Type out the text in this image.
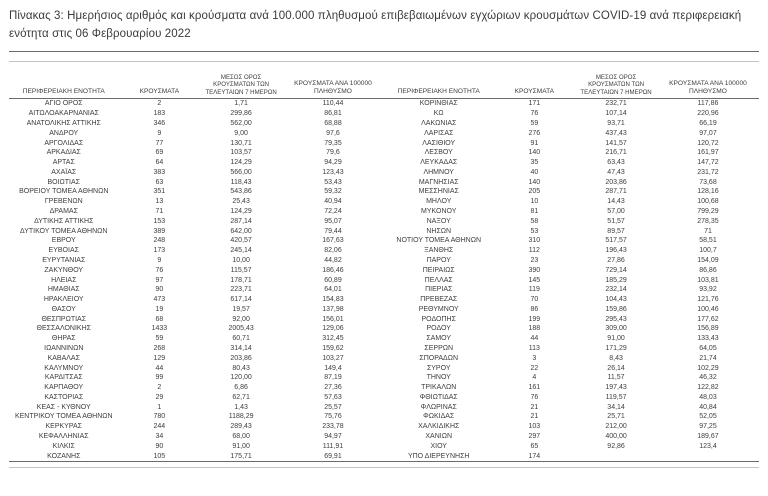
Πίνακας 3: Ημερήσιος αριθμός και κρούσματα ανά 100.000 πληθυσμού επιβεβαιωμένων εγχώριων κρουσμάτων COVID-19 ανά περιφερειακή ενότητα στις 06 Φεβρουαρίου 2022
ΠΕΡΙΦΕΡΕΙΑΚΗ ΕΝΟΤΗΤΑ	ΚΡΟΥΣΜΑΤΑ	ΜΕΣΟΣ ΟΡΟΣ ΚΡΟΥΣΜΑΤΩΝ ΤΩΝ ΤΕΛΕΥΤΑΙΩΝ 7 ΗΜΕΡΩΝ	ΚΡΟΥΣΜΑΤΑ ΑΝΑ 100000 ΠΛΗΘΥΣΜΟ	ΠΕΡΙΦΕΡΕΙΑΚΗ ΕΝΟΤΗΤΑ	ΚΡΟΥΣΜΑΤΑ	ΜΕΣΟΣ ΟΡΟΣ ΚΡΟΥΣΜΑΤΩΝ ΤΩΝ ΤΕΛΕΥΤΑΙΩΝ 7 ΗΜΕΡΩΝ	ΚΡΟΥΣΜΑΤΑ ΑΝΑ 100000 ΠΛΗΘΥΣΜΟ

ΑΓΙΟ ΟΡΟΣ	2	1,71	110,44	ΚΟΡΙΝΘΙΑΣ	171	232,71	117,86
ΑΙΤΩΛΟΑΚΑΡΝΑΝΙΑΣ	183	299,86	86,81	ΚΩ	76	107,14	220,96
ΑΝΑΤΟΛΙΚΗΣ ΑΤΤΙΚΗΣ	346	562,00	68,88	ΛΑΚΩΝΙΑΣ	59	93,71	66,19
ΑΝΔΡΟΥ	9	9,00	97,6	ΛΑΡΙΣΑΣ	276	437,43	97,07
ΑΡΓΟΛΙΔΑΣ	77	130,71	79,35	ΛΑΣΙΘΙΟΥ	91	141,57	120,72
ΑΡΚΑΔΙΑΣ	69	103,57	79,6	ΛΕΣΒΟΥ	140	216,71	161,97
ΑΡΤΑΣ	64	124,29	94,29	ΛΕΥΚΑΔΑΣ	35	63,43	147,72
ΑΧΑΪΑΣ	383	566,00	123,43	ΛΗΜΝΟΥ	40	47,43	231,72
ΒΟΙΩΤΙΑΣ	63	118,43	53,43	ΜΑΓΝΗΣΙΑΣ	140	203,86	73,68
ΒΟΡΕΙΟΥ ΤΟΜΕΑ ΑΘΗΝΩΝ	351	543,86	59,32	ΜΕΣΣΗΝΙΑΣ	205	287,71	128,16
ΓΡΕΒΕΝΩΝ	13	25,43	40,94	ΜΗΛΟΥ	10	14,43	100,68
ΔΡΑΜΑΣ	71	124,29	72,24	ΜΥΚΟΝΟΥ	81	57,00	799,29
ΔΥΤΙΚΗΣ ΑΤΤΙΚΗΣ	153	287,14	95,07	ΝΑΞΟΥ	58	51,57	278,35
ΔΥΤΙΚΟΥ ΤΟΜΕΑ ΑΘΗΝΩΝ	389	642,00	79,44	ΝΗΣΩΝ	53	89,57	71
ΕΒΡΟΥ	248	420,57	167,63	ΝΟΤΙΟΥ ΤΟΜΕΑ ΑΘΗΝΩΝ	310	517,57	58,51
ΕΥΒΟΙΑΣ	173	245,14	82,06	ΞΑΝΘΗΣ	112	196,43	100,7
ΕΥΡΥΤΑΝΙΑΣ	9	10,00	44,82	ΠΑΡΟΥ	23	27,86	154,09
ΖΑΚΥΝΘΟΥ	76	115,57	186,46	ΠΕΙΡΑΙΩΣ	390	729,14	86,86
ΗΛΕΙΑΣ	97	178,71	60,89	ΠΕΛΛΑΣ	145	185,29	103,81
ΗΜΑΘΙΑΣ	90	223,71	64,01	ΠΙΕΡΙΑΣ	119	232,14	93,92
ΗΡΑΚΛΕΙΟΥ	473	617,14	154,83	ΠΡΕΒΕΖΑΣ	70	104,43	121,76
ΘΑΣΟΥ	19	19,57	137,98	ΡΕΘΥΜΝΟΥ	86	159,86	100,46
ΘΕΣΠΡΩΤΙΑΣ	68	92,00	156,01	ΡΟΔΟΠΗΣ	199	295,43	177,62
ΘΕΣΣΑΛΟΝΙΚΗΣ	1433	2005,43	129,06	ΡΟΔΟΥ	188	309,00	156,89
ΘΗΡΑΣ	59	60,71	312,45	ΣΑΜΟΥ	44	91,00	133,43
ΙΩΑΝΝΙΝΩΝ	268	314,14	159,62	ΣΕΡΡΩΝ	113	171,29	64,05
ΚΑΒΑΛΑΣ	129	203,86	103,27	ΣΠΟΡΑΔΩΝ	3	8,43	21,74
ΚΑΛΥΜΝΟΥ	44	80,43	149,4	ΣΥΡΟΥ	22	26,14	102,29
ΚΑΡΔΙΤΣΑΣ	99	120,00	87,19	ΤΗΝΟΥ	4	11,57	46,32
ΚΑΡΠΑΘΟΥ	2	6,86	27,36	ΤΡΙΚΑΛΩΝ	161	197,43	122,82
ΚΑΣΤΟΡΙΑΣ	29	62,71	57,63	ΦΘΙΩΤΙΔΑΣ	76	119,57	48,03
ΚΕΑΣ - ΚΥΘΝΟΥ	1	1,43	25,57	ΦΛΩΡΙΝΑΣ	21	34,14	40,84
ΚΕΝΤΡΙΚΟΥ ΤΟΜΕΑ ΑΘΗΝΩΝ	780	1188,29	75,76	ΦΩΚΙΔΑΣ	21	25,71	52,05
ΚΕΡΚΥΡΑΣ	244	289,43	233,78	ΧΑΛΚΙΔΙΚΗΣ	103	212,00	97,25
ΚΕΦΑΛΛΗΝΙΑΣ	34	68,00	94,97	ΧΑΝΙΩΝ	297	400,00	189,67
ΚΙΛΚΙΣ	90	91,00	111,91	ΧΙΟΥ	65	92,86	123,4
ΚΟΖΑΝΗΣ	105	175,71	69,91	ΥΠΟ ΔΙΕΡΕΥΝΗΣΗ	174		
